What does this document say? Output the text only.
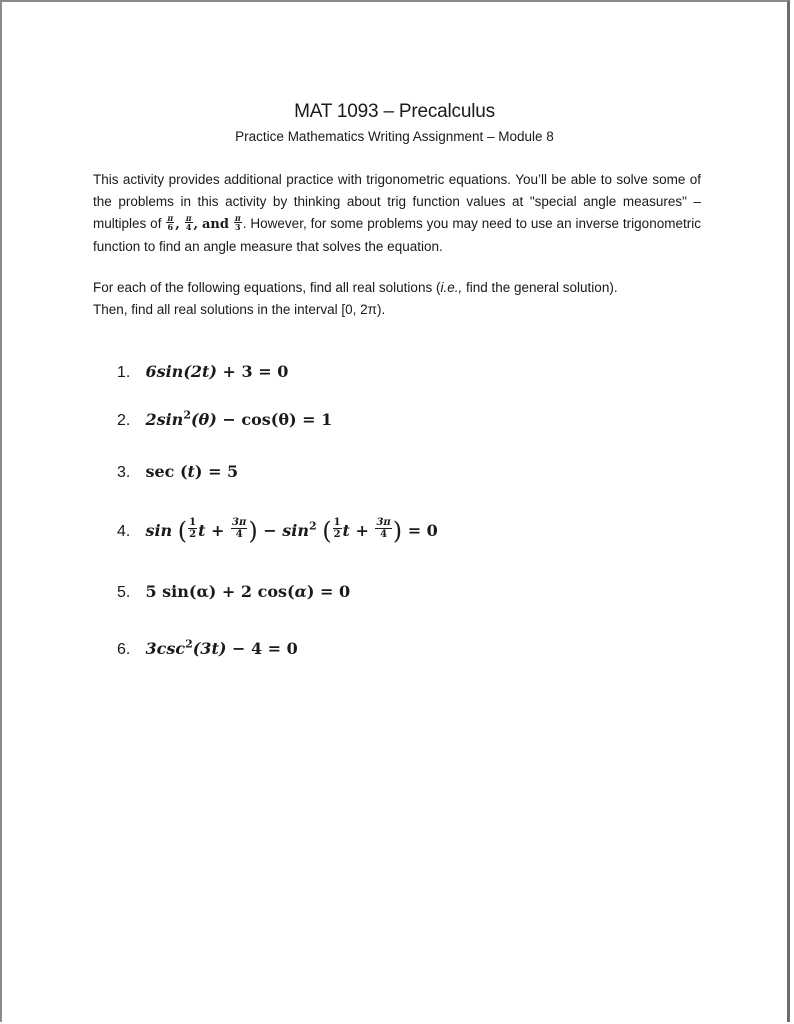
MAT 1093 – Precalculus
Practice Mathematics Writing Assignment – Module 8
This activity provides additional practice with trigonometric equations. You’ll be able to solve some of the problems in this activity by thinking about trig function values at "special angle measures" – multiples of $\frac{\pi}{6}$ , $\frac{\pi}{4}$ , and $\frac{\pi}{3}$ . However, for some problems you may need to use an inverse trigonometric function to find an angle measure that solves the equation.
For each of the following equations, find all real solutions (i.e., find the general solution).
Then, find all real solutions in the interval [0, 2π).
1. 6sin(2t) + 3 = 0
2. $2\sin^2(\theta) - \cos(\theta) = 1$
3. sec (t) = 5
4. sin ( $\frac{1}{2}$ $t + \frac{3\pi}{4}$ ) − $\sin^2$ ( $\frac{1}{2}$ $t + \frac{3\pi}{4}$ ) = 0
5. 5 sin(α) + 2 cos(α) = 0
6. $3\csc^2(3t) - 4 = 0$
